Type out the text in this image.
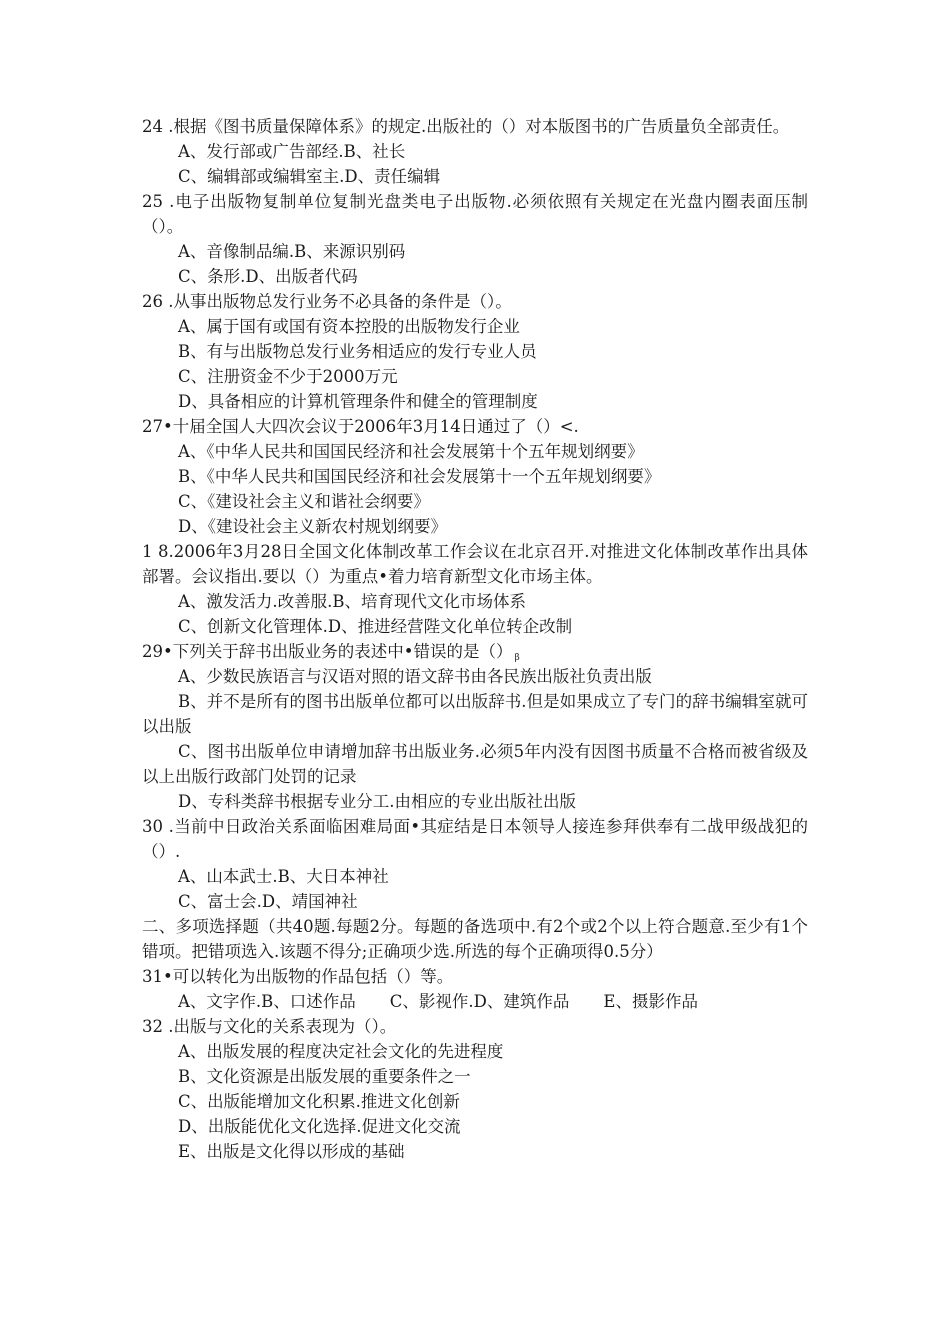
24 .根据《图书质量保障体系》的规定.出版社的（）对本版图书的广告质量负全部责任。
A、发行部或广告部经.B、社长
C、编辑部或编辑室主.D、责任编辑
25 .电子出版物复制单位复制光盘类电子出版物.必须依照有关规定在光盘内圈表面压制（）。
A、音像制品编.B、来源识别码
C、条形.D、出版者代码
26 .从事出版物总发行业务不必具备的条件是（）。
A、属于国有或国有资本控股的出版物发行企业
B、有与出版物总发行业务相适应的发行专业人员
C、注册资金不少于2000万元
D、具备相应的计算机管理条件和健全的管理制度
27•十届全国人大四次会议于2006年3月14日通过了（）<.
A、《中华人民共和国国民经济和社会发展第十个五年规划纲要》
B、《中华人民共和国国民经济和社会发展第十一个五年规划纲要》
C、《建设社会主义和谐社会纲要》
D、《建设社会主义新农村规划纲要》
1 8.2006年3月28日全国文化体制改革工作会议在北京召开.对推进文化体制改革作出具体部署。会议指出.要以（）为重点•着力培育新型文化市场主体。
A、激发活力.改善服.B、培育现代文化市场体系
C、创新文化管理体.D、推进经营陛文化单位转企改制
29•下列关于辞书出版业务的表述中•错误的是（） $_\beta$
A、少数民族语言与汉语对照的语文辞书由各民族出版社负责出版
B、并不是所有的图书出版单位都可以出版辞书.但是如果成立了专门的辞书编辑室就可以出版
C、图书出版单位申请增加辞书出版业务.必须5年内没有因图书质量不合格而被省级及以上出版行政部门处罚的记录
D、专科类辞书根据专业分工.由相应的专业出版社出版
30 .当前中日政治关系面临困难局面•其症结是日本领导人接连参拜供奉有二战甲级战犯的（）.
A、山本武士.B、大日本神社
C、富士会.D、靖国神社
二、多项选择题（共40题.每题2分。每题的备选项中.有2个或2个以上符合题意.至少有1个错项。把错项选入.该题不得分;正确项少选.所选的每个正确项得0.5分）
31•可以转化为出版物的作品包括（）等。
A、文字作.B、口述作品 C、影视作.D、建筑作品 E、摄影作品
32 .出版与文化的关系表现为（）。
A、出版发展的程度决定社会文化的先进程度
B、文化资源是出版发展的重要条件之一
C、出版能增加文化积累.推进文化创新
D、出版能优化文化选择.促进文化交流
E、出版是文化得以形成的基础
